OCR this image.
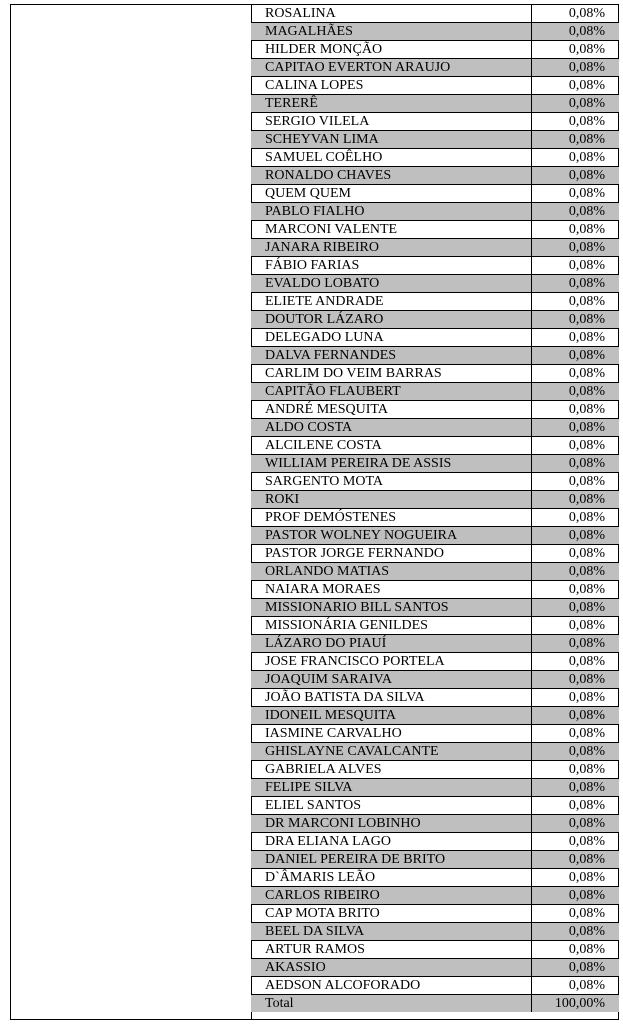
ROSALINA	0,08%
MAGALHÃES	0,08%
HILDER MONÇÃO	0,08%
CAPITAO EVERTON ARAUJO	0,08%
CALINA LOPES	0,08%
TERERÊ	0,08%
SERGIO VILELA	0,08%
SCHEYVAN LIMA	0,08%
SAMUEL COÊLHO	0,08%
RONALDO CHAVES	0,08%
QUEM QUEM	0,08%
PABLO FIALHO	0,08%
MARCONI VALENTE	0,08%
JANARA RIBEIRO	0,08%
FÁBIO FARIAS	0,08%
EVALDO LOBATO	0,08%
ELIETE ANDRADE	0,08%
DOUTOR LÁZARO	0,08%
DELEGADO LUNA	0,08%
DALVA FERNANDES	0,08%
CARLIM DO VEIM BARRAS	0,08%
CAPITÃO FLAUBERT	0,08%
ANDRÉ MESQUITA	0,08%
ALDO COSTA	0,08%
ALCILENE COSTA	0,08%
WILLIAM PEREIRA DE ASSIS	0,08%
SARGENTO MOTA	0,08%
ROKI	0,08%
PROF DEMÓSTENES	0,08%
PASTOR WOLNEY NOGUEIRA	0,08%
PASTOR JORGE FERNANDO	0,08%
ORLANDO MATIAS	0,08%
NAIARA MORAES	0,08%
MISSIONARIO BILL SANTOS	0,08%
MISSIONÁRIA GENILDES	0,08%
LÁZARO DO PIAUÍ	0,08%
JOSE FRANCISCO PORTELA	0,08%
JOAQUIM SARAIVA	0,08%
JOÃO BATISTA DA SILVA	0,08%
IDONEIL MESQUITA	0,08%
IASMINE CARVALHO	0,08%
GHISLAYNE CAVALCANTE	0,08%
GABRIELA ALVES	0,08%
FELIPE SILVA	0,08%
ELIEL SANTOS	0,08%
DR MARCONI LOBINHO	0,08%
DRA ELIANA LAGO	0,08%
DANIEL PEREIRA DE BRITO	0,08%
D`ÂMARIS LEÃO	0,08%
CARLOS RIBEIRO	0,08%
CAP MOTA BRITO	0,08%
BEEL DA SILVA	0,08%
ARTUR RAMOS	0,08%
AKASSIO	0,08%
AEDSON ALCOFORADO	0,08%
Total	100,00%
